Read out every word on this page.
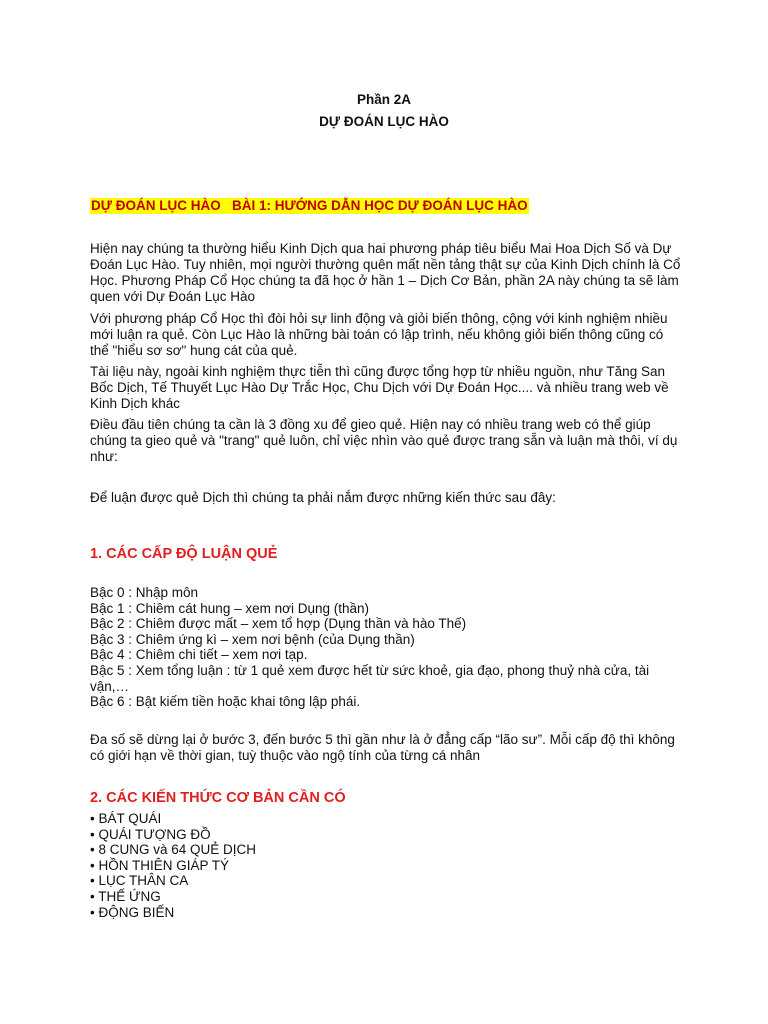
Phần 2A
DỰ ĐOÁN LỤC HÀO
DỰ ĐOÁN LỤC HÀO   BÀI 1: HƯỚNG DẪN HỌC DỰ ĐOÁN LỤC HÀO
Hiện nay chúng ta thường hiểu Kinh Dịch qua hai phương pháp tiêu biểu Mai Hoa Dịch Số và Dự Đoán Lục Hào. Tuy nhiên, mọi người thường quên mất nền tảng thật sự của Kinh Dịch chính là Cổ Học. Phương Pháp Cổ Học chúng ta đã học ở hần 1 – Dịch Cơ Bản, phần 2A này chúng ta sẽ làm quen với Dự Đoán Lục Hào
Với phương pháp Cổ Học thì đòi hỏi sự linh động và giỏi biến thông, cộng với kinh nghiệm nhiều mới luận ra quẻ. Còn Lục Hào là những bài toán có lập trình, nếu không giỏi biến thông cũng có thể "hiểu sơ sơ" hung cát của quẻ.
Tài liệu này, ngoài kinh nghiệm thực tiễn thì cũng được tổng hợp từ nhiều nguồn, như Tăng San Bốc Dịch, Tế Thuyết Lục Hào Dự Trắc Học, Chu Dịch với Dự Đoán Học.... và nhiều trang web về Kinh Dịch khác
Điều đầu tiên chúng ta cần là 3 đồng xu để gieo quẻ. Hiện nay có nhiều trang web có thể giúp chúng ta gieo quẻ và "trang" quẻ luôn, chỉ việc nhìn vào quẻ được trang sẵn và luận mà thôi, ví dụ như:
Để luận được quẻ Dịch thì chúng ta phải nắm được những kiến thức sau đây:
1. CÁC CẤP ĐỘ LUẬN QUẺ
Bậc 0 : Nhập môn
Bậc 1 : Chiêm cát hung – xem nơi Dụng (thần)
Bậc 2 : Chiêm được mất – xem tổ hợp (Dụng thần và hào Thế)
Bậc 3 : Chiêm ứng kì – xem nơi bệnh (của Dụng thần)
Bậc 4 : Chiêm chi tiết – xem nơi tạp.
Bậc 5 : Xem tổng luận : từ 1 quẻ xem được hết từ sức khoẻ, gia đạo, phong thuỷ nhà cửa, tài vận,…
Bậc 6 : Bật kiếm tiền hoặc khai tông lập phái.
Đa số sẽ dừng lại ở bước 3, đến bước 5 thì gần như là ở đẳng cấp “lão sư”. Mỗi cấp độ thì không có giới hạn về thời gian, tuỳ thuộc vào ngộ tính của từng cá nhân
2. CÁC KIẾN THỨC CƠ BẢN CẦN CÓ
• BÁT QUÁI
• QUÁI TƯỢNG ĐỒ
• 8 CUNG và 64 QUẺ DỊCH
• HỒN THIÊN GIÁP TÝ
• LỤC THÂN CA
• THẾ ỨNG
• ĐỘNG BIẾN
